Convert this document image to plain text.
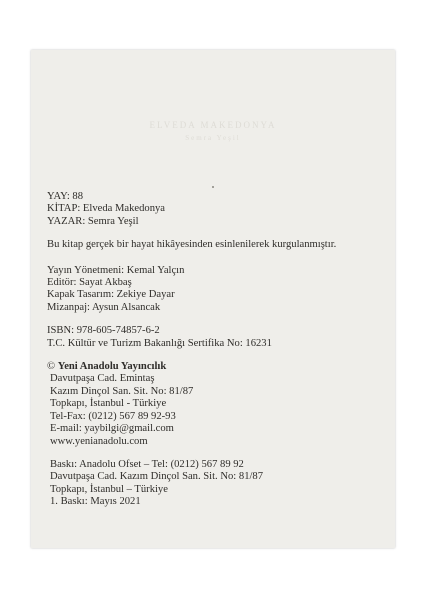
ELVEDA MAKEDONYA
Semra Yeşil
YAY: 88
KİTAP: Elveda Makedonya
YAZAR: Semra Yeşil
Bu kitap gerçek bir hayat hikâyesinden esinlenilerek kurgulanmıştır.
Yayın Yönetmeni: Kemal Yalçın
Editör: Sayat Akbaş
Kapak Tasarım: Zekiye Dayar
Mizanpaj: Aysun Alsancak
ISBN: 978-605-74857-6-2
T.C. Kültür ve Turizm Bakanlığı Sertifika No: 16231
© Yeni Anadolu Yayıncılık
Davutpaşa Cad. Emintaş
Kazım Dinçol San. Sit. No: 81/87
Topkapı, İstanbul - Türkiye
Tel-Fax: (0212) 567 89 92-93
E-mail: yaybilgi@gmail.com
www.yenianadolu.com
Baskı: Anadolu Ofset – Tel: (0212) 567 89 92
Davutpaşa Cad. Kazım Dinçol San. Sit. No: 81/87
Topkapı, İstanbul – Türkiye
1. Baskı: Mayıs 2021
